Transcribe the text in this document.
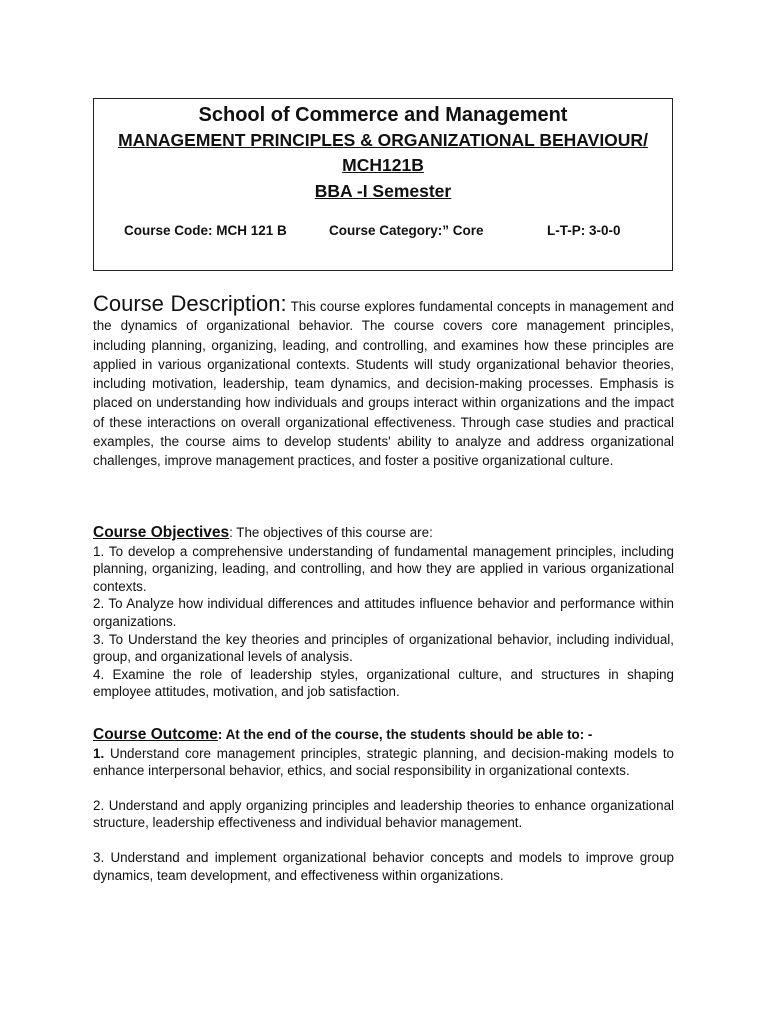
School of Commerce and Management
MANAGEMENT PRINCIPLES & ORGANIZATIONAL BEHAVIOUR/
MCH121B
BBA -I Semester
Course Code: MCH 121 B	Course Category:” Core	L-T-P: 3-0-0
Course Description: This course explores fundamental concepts in management and the dynamics of organizational behavior. The course covers core management principles, including planning, organizing, leading, and controlling, and examines how these principles are applied in various organizational contexts. Students will study organizational behavior theories, including motivation, leadership, team dynamics, and decision-making processes. Emphasis is placed on understanding how individuals and groups interact within organizations and the impact of these interactions on overall organizational effectiveness. Through case studies and practical examples, the course aims to develop students' ability to analyze and address organizational challenges, improve management practices, and foster a positive organizational culture.
Course Objectives: The objectives of this course are:

1. To develop a comprehensive understanding of fundamental management principles, including planning, organizing, leading, and controlling, and how they are applied in various organizational contexts.

2. To Analyze how individual differences and attitudes influence behavior and performance within organizations.

3. To Understand the key theories and principles of organizational behavior, including individual, group, and organizational levels of analysis.

4. Examine the role of leadership styles, organizational culture, and structures in shaping employee attitudes, motivation, and job satisfaction.

Course Outcome: At the end of the course, the students should be able to: -

1. Understand core management principles, strategic planning, and decision-making models to enhance interpersonal behavior, ethics, and social responsibility in organizational contexts.

2. Understand and apply organizing principles and leadership theories to enhance organizational structure, leadership effectiveness and individual behavior management.

3. Understand and implement organizational behavior concepts and models to improve group dynamics, team development, and effectiveness within organizations.
